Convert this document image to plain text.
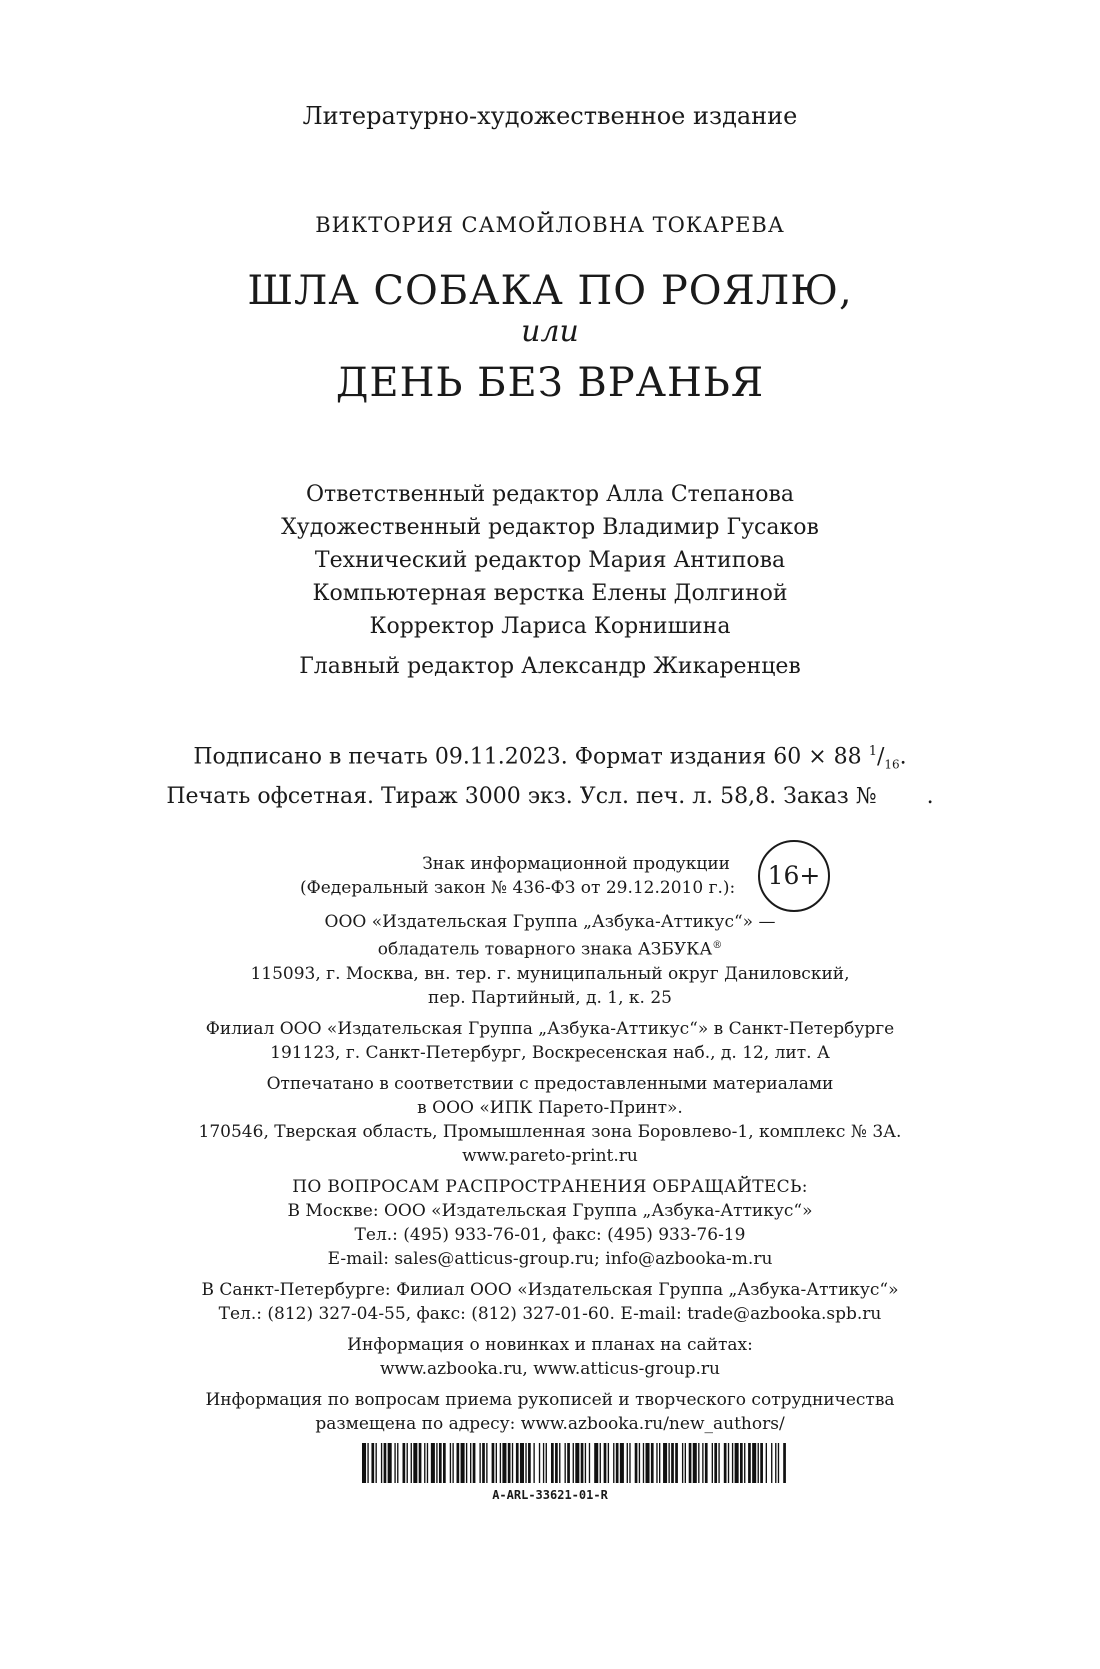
Литературно-художественное издание
ВИКТОРИЯ САМОЙЛОВНА ТОКАРЕВА
ШЛА СОБАКА ПО РОЯЛЮ,
или
ДЕНЬ БЕЗ ВРАНЬЯ
Ответственный редактор Алла Степанова
Художественный редактор Владимир Гусаков
Технический редактор Мария Антипова
Компьютерная верстка Елены Долгиной
Корректор Лариса Корнишина
Главный редактор Александр Жикаренцев
Подписано в печать 09.11.2023. Формат издания 60 × 88 $^1/_{16}$.
Печать офсетная. Тираж 3000 экз. Усл. печ. л. 58,8. Заказ № .
Знак информационной продукции
(Федеральный закон № 436-ФЗ от 29.12.2010 г.):	16+
ООО «Издательская Группа „Азбука-Аттикус“» —
обладатель товарного знака АЗБУКА®
115093, г. Москва, вн. тер. г. муниципальный округ Даниловский,
пер. Партийный, д. 1, к. 25
Филиал ООО «Издательская Группа „Азбука-Аттикус“» в Санкт-Петербурге
191123, г. Санкт-Петербург, Воскресенская наб., д. 12, лит. А
Отпечатано в соответствии с предоставленными материалами
в ООО «ИПК Парето-Принт».
170546, Тверская область, Промышленная зона Боровлево-1, комплекс № 3А.
www.pareto-print.ru
ПО ВОПРОСАМ РАСПРОСТРАНЕНИЯ ОБРАЩАЙТЕСЬ:
В Москве: ООО «Издательская Группа „Азбука-Аттикус“»
Тел.: (495) 933-76-01, факс: (495) 933-76-19
E-mail: sales@atticus-group.ru; info@azbooka-m.ru
В Санкт-Петербурге: Филиал ООО «Издательская Группа „Азбука-Аттикус“»
Тел.: (812) 327-04-55, факс: (812) 327-01-60. E-mail: trade@azbooka.spb.ru
Информация о новинках и планах на сайтах:
www.azbooka.ru, www.atticus-group.ru
Информация по вопросам приема рукописей и творческого сотрудничества
размещена по адресу: www.azbooka.ru/new_authors/
A-ARL-33621-01-R
